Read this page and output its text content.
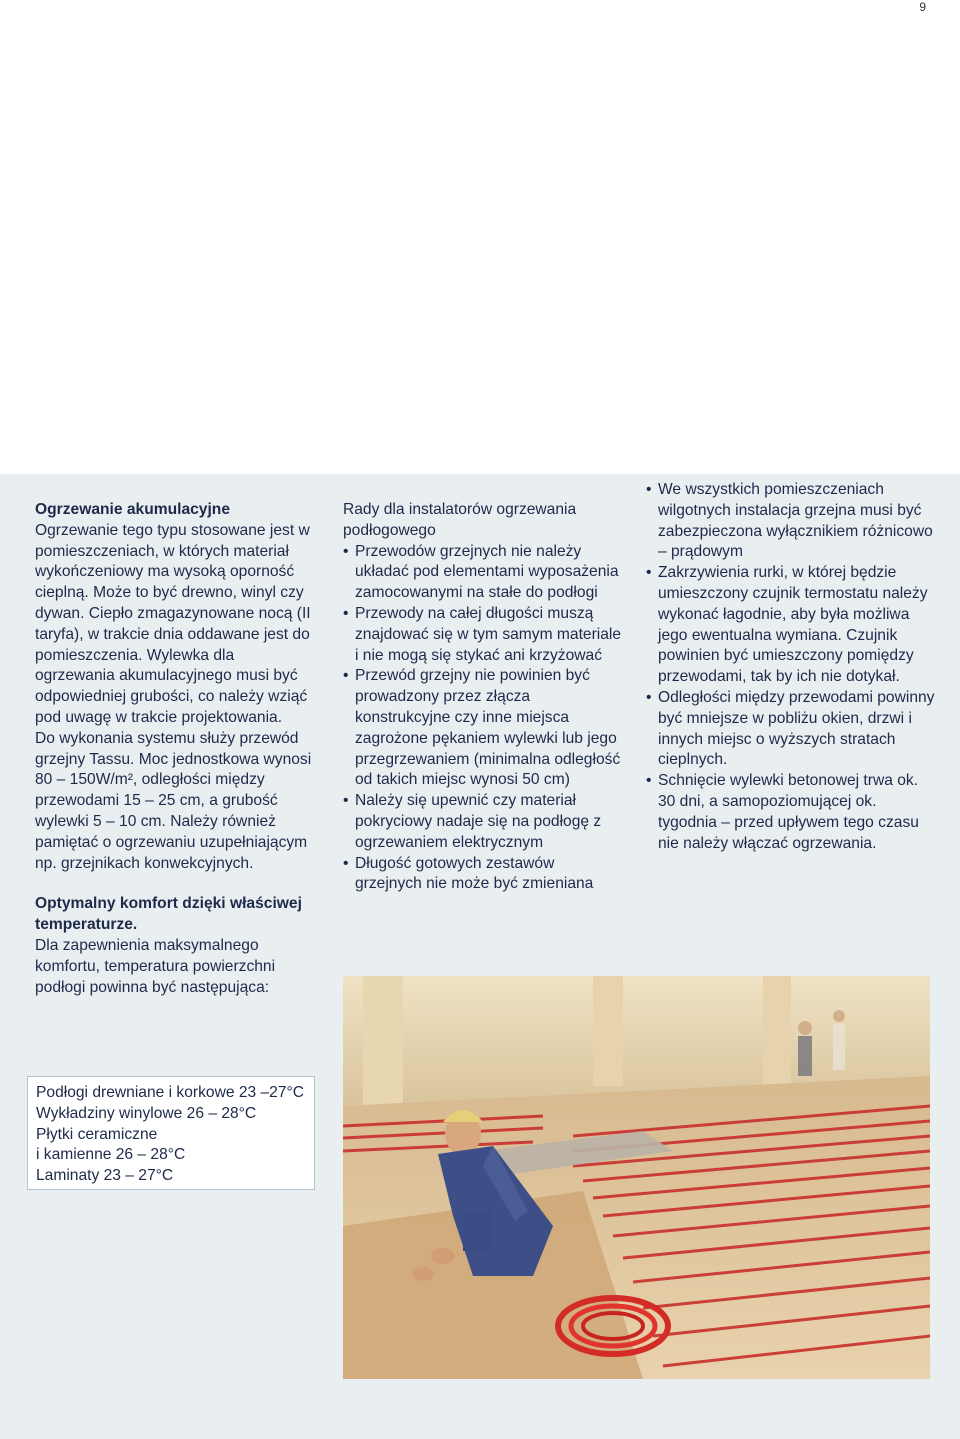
9
Ogrzewanie akumulacyjne
Ogrzewanie tego typu stosowane jest w pomieszczeniach, w których materiał wykończeniowy ma wysoką oporność cieplną. Może to być drewno, winyl czy dywan. Ciepło zmagazynowane nocą (II taryfa), w trakcie dnia oddawane jest do pomieszczenia. Wylewka dla ogrzewania akumulacyjnego musi być odpowiedniej grubości, co należy wziąć pod uwagę w trakcie projektowania.
Do wykonania systemu służy przewód grzejny Tassu. Moc jednostkowa wynosi 80 – 150W/m², odległości między przewodami 15 – 25 cm, a grubość wylewki 5 – 10 cm. Należy również pamiętać o ogrzewaniu uzupełniającym np. grzejnikach konwekcyjnych.
Optymalny komfort dzięki właściwej temperaturze.
Dla zapewnienia maksymalnego komfortu, temperatura powierzchni podłogi powinna być następująca:
Podłogi drewniane i korkowe 23 –27°C
Wykładziny winylowe 26 – 28°C
Płytki ceramiczne
i kamienne 26 – 28°C
Laminaty 23 – 27°C
Rady dla instalatorów ogrzewania podłogowego
• Przewodów grzejnych nie należy układać pod elementami wyposażenia zamocowanymi na stałe do podłogi
• Przewody na całej długości muszą znajdować się w tym samym materiale i nie mogą się stykać ani krzyżować
• Przewód grzejny nie powinien być prowadzony przez złącza konstrukcyjne czy inne miejsca zagrożone pękaniem wylewki lub jego przegrzewaniem (minimalna odległość od takich miejsc wynosi 50 cm)
• Należy się upewnić czy materiał pokryciowy nadaje się na podłogę z ogrzewaniem elektrycznym
• Długość gotowych zestawów grzejnych nie może być zmieniana
• We wszystkich pomieszczeniach wilgotnych instalacja grzejna musi być zabezpieczona wyłącznikiem różnicowo – prądowym
• Zakrzywienia rurki, w której będzie umieszczony czujnik termostatu należy wykonać łagodnie, aby była możliwa jego ewentualna wymiana. Czujnik powinien być umieszczony pomiędzy przewodami, tak by ich nie dotykał.
• Odległości między przewodami powinny być mniejsze w pobliżu okien, drzwi i innych miejsc o wyższych stratach cieplnych.
• Schnięcie wylewki betonowej trwa ok. 30 dni, a samopoziomującej ok. tygodnia – przed upływem tego czasu nie należy włączać ogrzewania.
